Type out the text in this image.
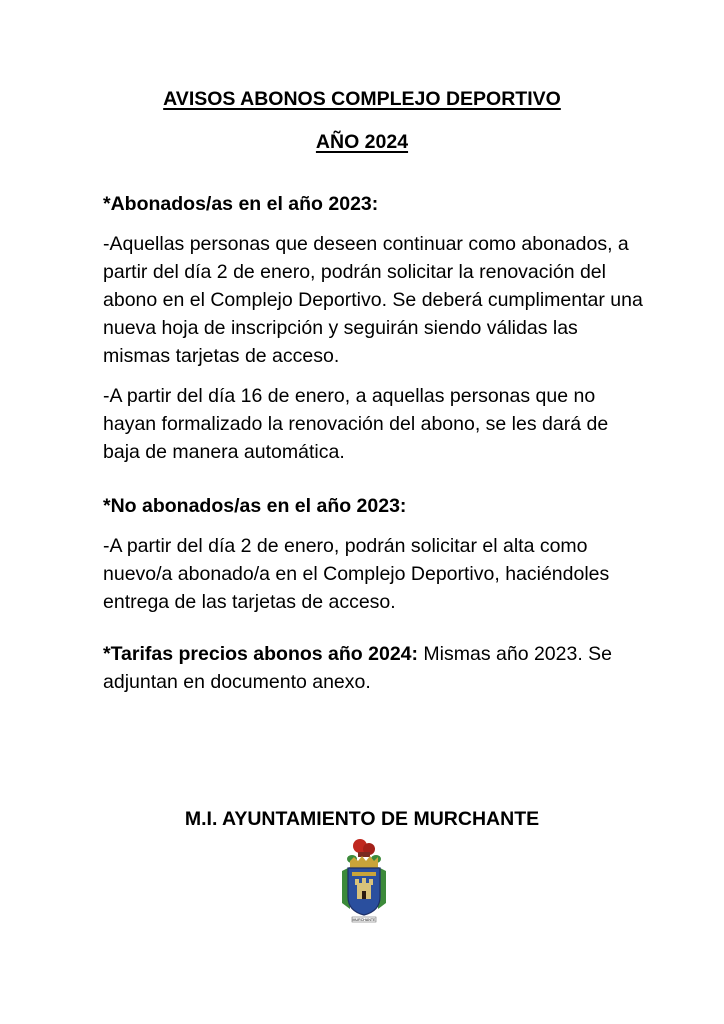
AVISOS ABONOS COMPLEJO DEPORTIVO
AÑO 2024

*Abonados/as en el año 2023:

-Aquellas personas que deseen continuar como abonados, a partir del día 2 de enero, podrán solicitar la renovación del abono en el Complejo Deportivo. Se deberá cumplimentar una nueva hoja de inscripción y seguirán siendo válidas las mismas tarjetas de acceso.

-A partir del día 16 de enero, a aquellas personas que no hayan formalizado la renovación del abono, se les dará de baja de manera automática.

*No abonados/as en el año 2023:

-A partir del día 2 de enero, podrán solicitar el alta como nuevo/a abonado/a en el Complejo Deportivo, haciéndoles entrega de las tarjetas de acceso.

*Tarifas precios abonos año 2024: Mismas año 2023. Se adjuntan en documento anexo.

M.I. AYUNTAMIENTO DE MURCHANTE
MURCHANTE
